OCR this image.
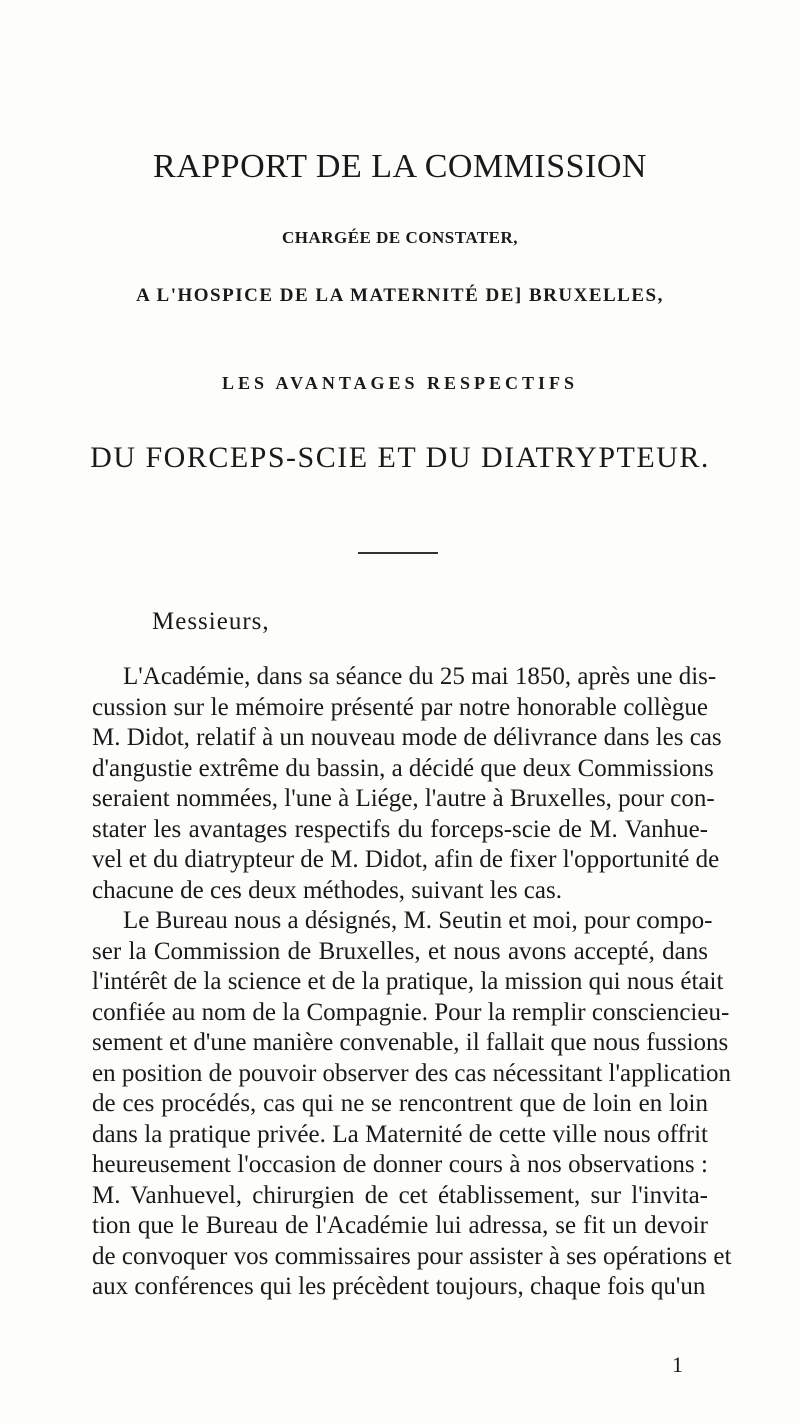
RAPPORT DE LA COMMISSION
CHARGÉE DE CONSTATER,
A L'HOSPICE DE LA MATERNITÉ DE] BRUXELLES,
LES AVANTAGES RESPECTIFS
DU FORCEPS-SCIE ET DU DIATRYPTEUR.
Messieurs,
L'Académie, dans sa séance du 25 mai 1850, après une dis-
cussion sur le mémoire présenté par notre honorable collègue
M. Didot, relatif à un nouveau mode de délivrance dans les cas
d'angustie extrême du bassin, a décidé que deux Commissions
seraient nommées, l'une à Liége, l'autre à Bruxelles, pour con-
stater les avantages respectifs du forceps-scie de M. Vanhue-
vel et du diatrypteur de M. Didot, afin de fixer l'opportunité de
chacune de ces deux méthodes, suivant les cas.
Le Bureau nous a désignés, M. Seutin et moi, pour compo-
ser la Commission de Bruxelles, et nous avons accepté, dans
l'intérêt de la science et de la pratique, la mission qui nous était
confiée au nom de la Compagnie. Pour la remplir consciencieu-
sement et d'une manière convenable, il fallait que nous fussions
en position de pouvoir observer des cas nécessitant l'application
de ces procédés, cas qui ne se rencontrent que de loin en loin
dans la pratique privée. La Maternité de cette ville nous offrit
heureusement l'occasion de donner cours à nos observations :
M. Vanhuevel, chirurgien de cet établissement, sur l'invita-
tion que le Bureau de l'Académie lui adressa, se fit un devoir
de convoquer vos commissaires pour assister à ses opérations et
aux conférences qui les précèdent toujours, chaque fois qu'un
1
